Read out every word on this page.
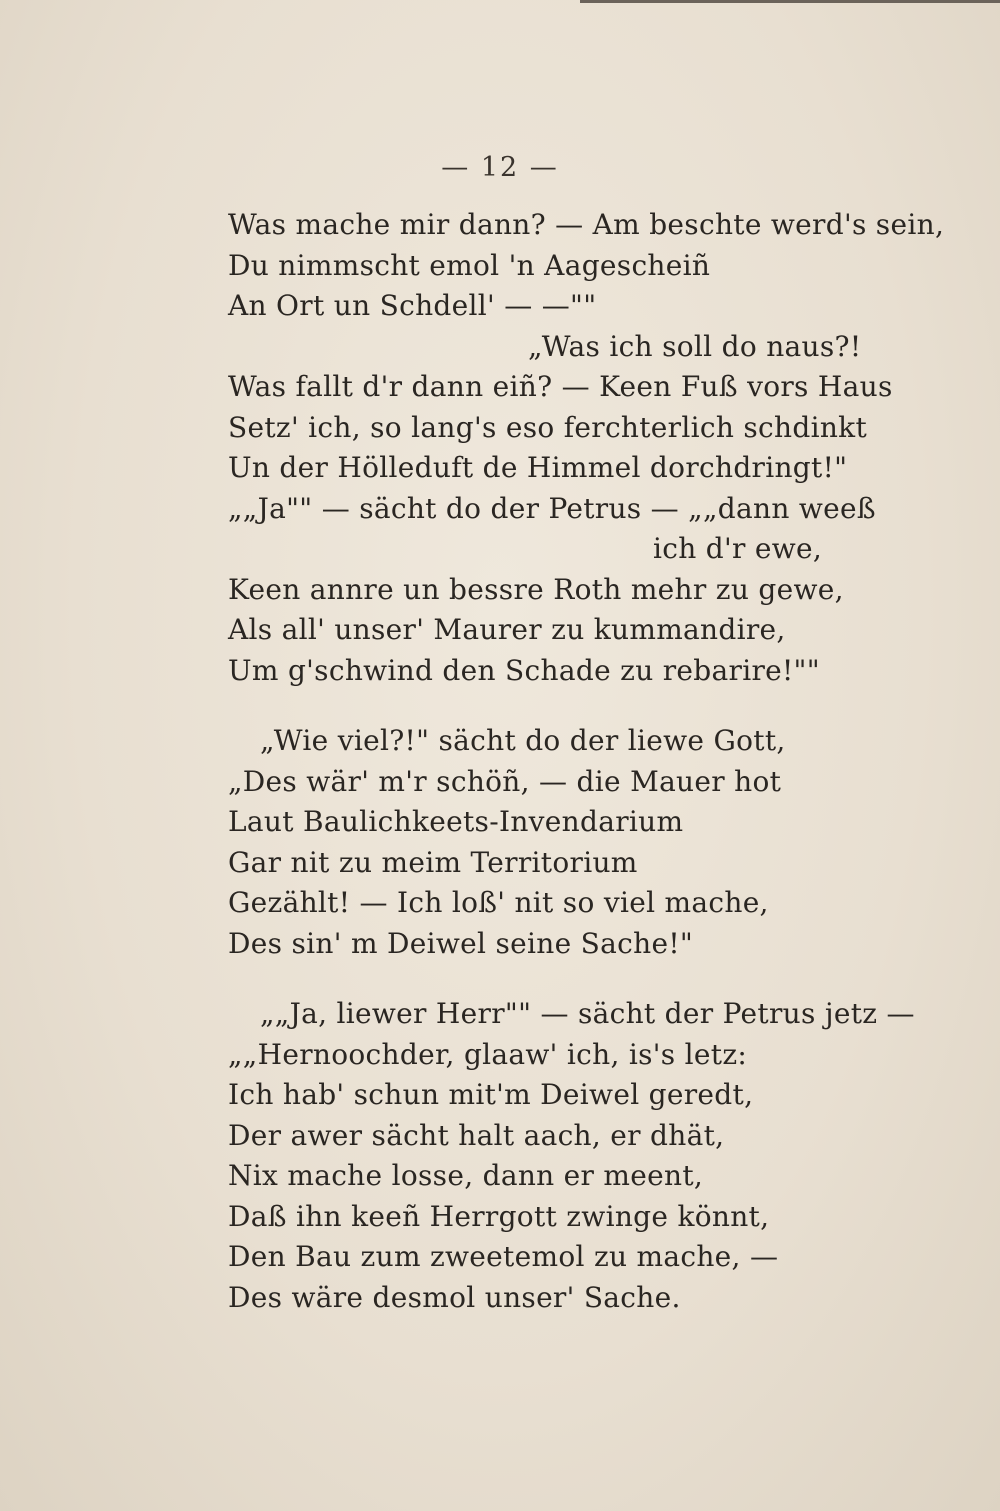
— 12 —
Was mache mir dann? — Am beschte werd's sein,
Du nimmscht emol 'n Aagescheiñ
An Ort un Schdell' — —""
„Was ich soll do naus?!
Was fallt d'r dann eiñ? — Keen Fuß vors Haus
Setz' ich, so lang's eso ferchterlich schdinkt
Un der Hölleduft de Himmel dorchdringt!"
„„Ja"" — sächt do der Petrus — „„dann weeß
ich d'r ewe,
Keen annre un bessre Roth mehr zu gewe,
Als all' unser' Maurer zu kummandire,
Um g'schwind den Schade zu rebarire!""
„Wie viel?!" sächt do der liewe Gott,
„Des wär' m'r schöñ, — die Mauer hot
Laut Baulichkeets-Invendarium
Gar nit zu meim Territorium
Gezählt! — Ich loß' nit so viel mache,
Des sin' m Deiwel seine Sache!"
„„Ja, liewer Herr"" — sächt der Petrus jetz —
„„Hernoochder, glaaw' ich, is's letz:
Ich hab' schun mit'm Deiwel geredt,
Der awer sächt halt aach, er dhät,
Nix mache losse, dann er meent,
Daß ihn keeñ Herrgott zwinge könnt,
Den Bau zum zweetemol zu mache, —
Des wäre desmol unser' Sache.
